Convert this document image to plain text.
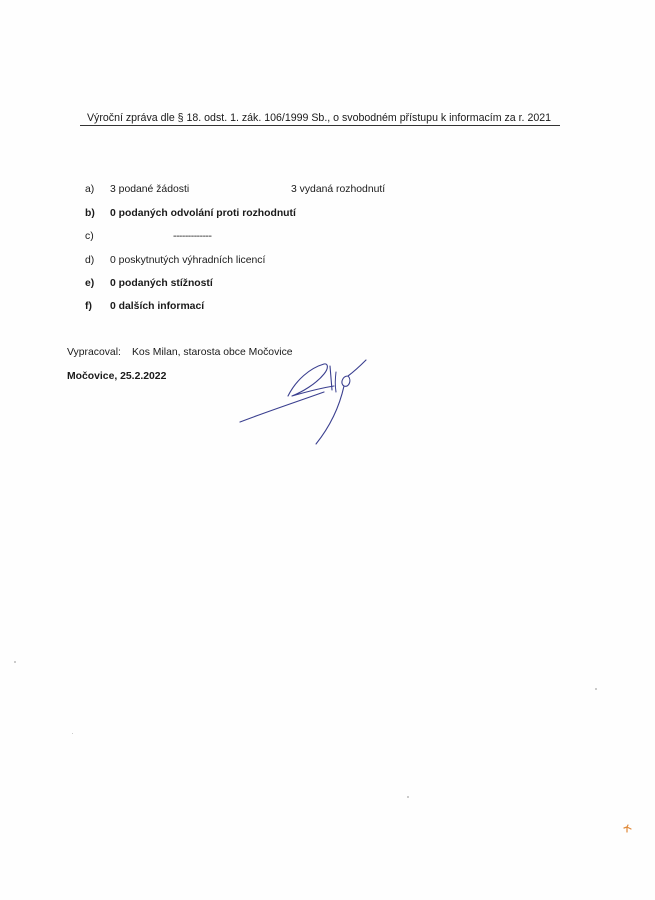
Výroční zpráva dle § 18. odst. 1. zák. 106/1999 Sb., o svobodném přístupu k informacím za r. 2021
a) 3 podané žádosti	3 vydaná rozhodnutí
b) 0 podaných odvolání proti rozhodnutí
c)	-------------
d) 0 poskytnutých výhradních licencí
e) 0 podaných stížností
f) 0 dalších informací
Vypracoval: Kos Milan, starosta obce Močovice
Močovice, 25.2.2022
